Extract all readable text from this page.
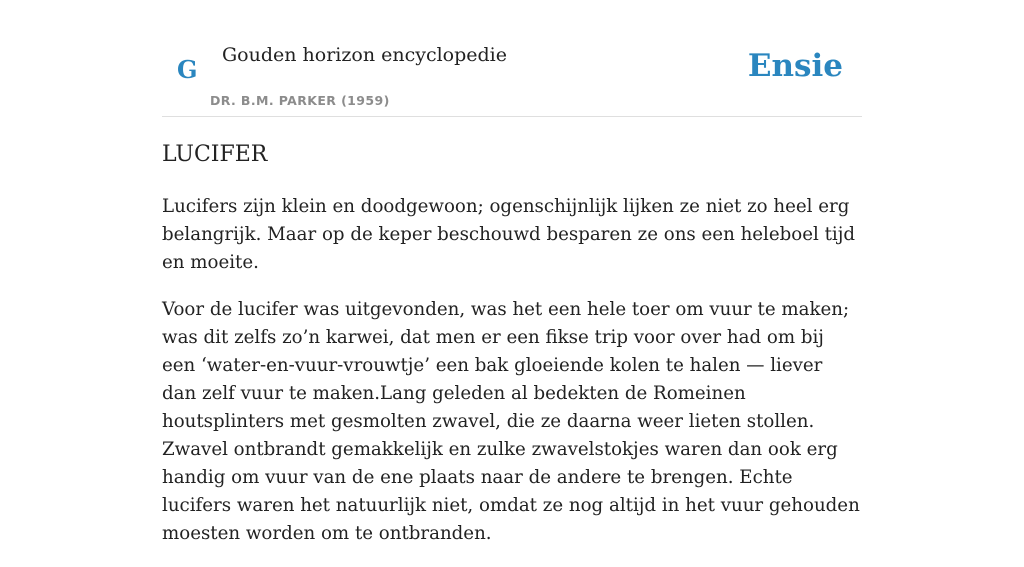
G Gouden horizon encyclopedie
DR. B.M. PARKER (1959)
Ensie
LUCIFER

Lucifers zijn klein en doodgewoon; ogenschijnlijk lijken ze niet zo heel erg belangrijk. Maar op de keper beschouwd besparen ze ons een heleboel tijd en moeite.

Voor de lucifer was uitgevonden, was het een hele toer om vuur te maken; was dit zelfs zo’n karwei, dat men er een fikse trip voor over had om bij een ‘water-en-vuur-vrouwtje’ een bak gloeiende kolen te halen — liever dan zelf vuur te maken.Lang geleden al bedekten de Romeinen houtsplinters met gesmolten zwavel, die ze daarna weer lieten stollen. Zwavel ontbrandt gemakkelijk en zulke zwavelstokjes waren dan ook erg handig om vuur van de ene plaats naar de andere te brengen. Echte lucifers waren het natuurlijk niet, omdat ze nog altijd in het vuur gehouden moesten worden om te ontbranden.
